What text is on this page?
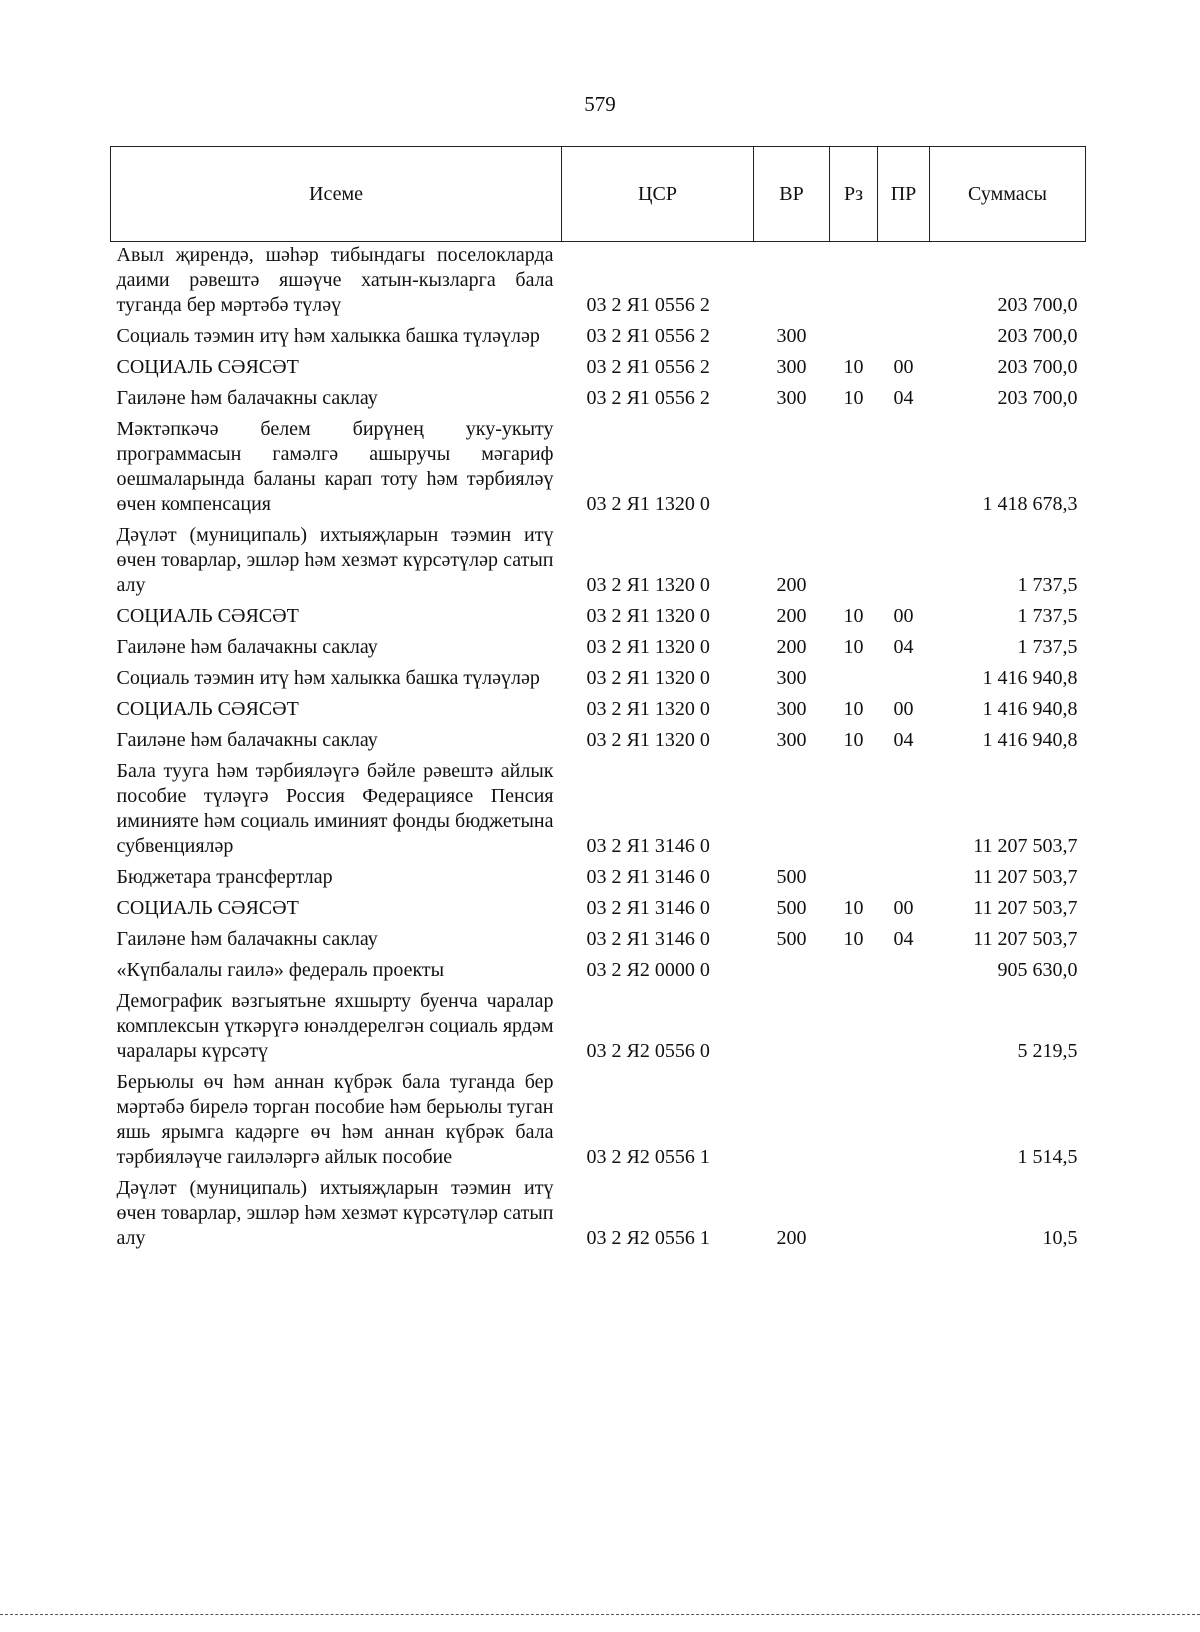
579
Исеме	ЦСР	ВР	Рз	ПР	Суммасы
Авыл җирендә, шәһәр тибындагы поселокларда даими рәвештә яшәүче хатын-кызларга бала туганда бер мәртәбә түләү	03 2 Я1 0556 2				203 700,0
Социаль тәэмин итү һәм халыкка башка түләүләр	03 2 Я1 0556 2	300			203 700,0
СОЦИАЛЬ СӘЯСӘТ	03 2 Я1 0556 2	300	10	00	203 700,0
Гаиләне һәм балачакны саклау	03 2 Я1 0556 2	300	10	04	203 700,0
Мәктәпкәчә белем бирүнең уку-укыту программасын гамәлгә ашыручы мәгариф оешмаларында баланы карап тоту һәм тәрбияләү өчен компенсация	03 2 Я1 1320 0				1 418 678,3
Дәүләт (муниципаль) ихтыяҗларын тәэмин итү өчен товарлар, эшләр һәм хезмәт күрсәтүләр сатып алу	03 2 Я1 1320 0	200			1 737,5
СОЦИАЛЬ СӘЯСӘТ	03 2 Я1 1320 0	200	10	00	1 737,5
Гаиләне һәм балачакны саклау	03 2 Я1 1320 0	200	10	04	1 737,5
Социаль тәэмин итү һәм халыкка башка түләүләр	03 2 Я1 1320 0	300			1 416 940,8
СОЦИАЛЬ СӘЯСӘТ	03 2 Я1 1320 0	300	10	00	1 416 940,8
Гаиләне һәм балачакны саклау	03 2 Я1 1320 0	300	10	04	1 416 940,8
Бала туугa һәм тәрбияләүгә бәйле рәвештә айлык пособие түләүгә Россия Федерациясе Пенсия иминияте һәм социаль иминият фонды бюджетына субвенцияләр	03 2 Я1 3146 0				11 207 503,7
Бюджетара трансфертлар	03 2 Я1 3146 0	500			11 207 503,7
СОЦИАЛЬ СӘЯСӘТ	03 2 Я1 3146 0	500	10	00	11 207 503,7
Гаиләне һәм балачакны саклау	03 2 Я1 3146 0	500	10	04	11 207 503,7
«Күпбалалы гаилә» федераль проекты	03 2 Я2 0000 0				905 630,0
Демографик вәзгыятьне яхшырту буенча чаралар комплексын үткәрүгә юнәлдерелгән социаль ярдәм чаралары күрсәтү	03 2 Я2 0556 0				5 219,5
Берьюлы өч һәм аннан күбрәк бала туганда бер мәртәбә бирелә торган пособие һәм берьюлы туган яшь ярымга кадәрге өч һәм аннан күбрәк бала тәрбияләүче гаиләләргә айлык пособие	03 2 Я2 0556 1				1 514,5
Дәүләт (муниципаль) ихтыяҗларын тәэмин итү өчен товарлар, эшләр һәм хезмәт күрсәтүләр сатып алу	03 2 Я2 0556 1	200			10,5
